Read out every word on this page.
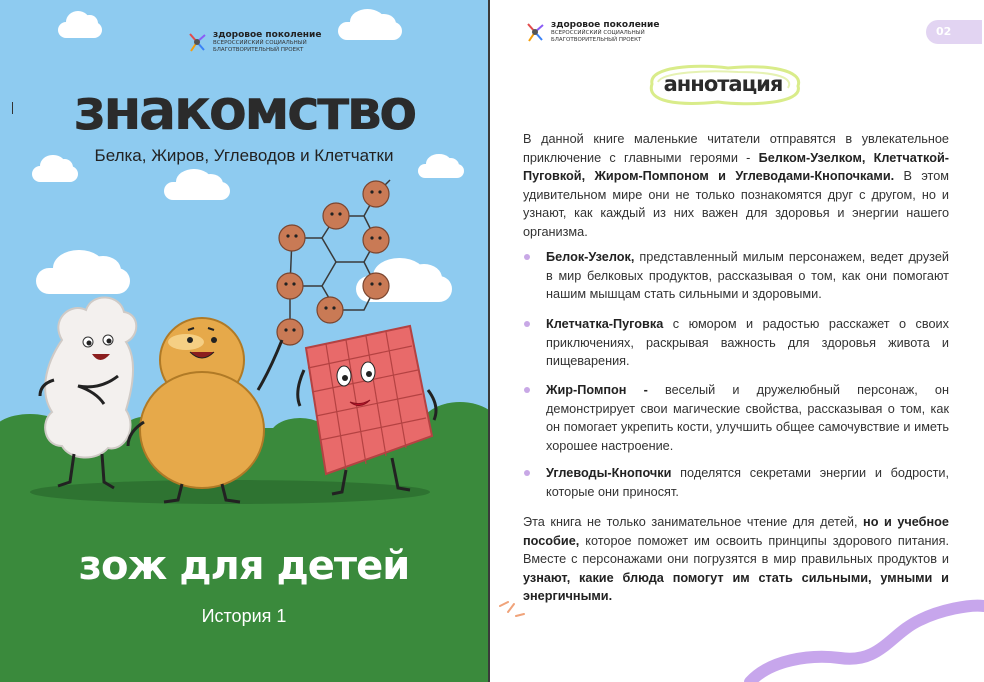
здоровое поколение
ВСЕРОССИЙСКИЙ СОЦИАЛЬНЫЙ
БЛАГОТВОРИТЕЛЬНЫЙ ПРОЕКТ
знакомство
Белка, Жиров, Углеводов и Клетчатки
зож для детей
История 1
здоровое поколение
ВСЕРОССИЙСКИЙ СОЦИАЛЬНЫЙ
БЛАГОТВОРИТЕЛЬНЫЙ ПРОЕКТ
02
аннотация
В данной книге маленькие читатели отправятся в увлекательное приключение с главными героями - Белком-Узелком, Клетчаткой-Пуговкой, Жиром-Помпоном и Углеводами-Кнопочками. В этом удивительном мире они не только познакомятся друг с другом, но и узнают, как каждый из них важен для здоровья и энергии нашего организма.
Белок-Узелок, представленный милым персонажем, ведет друзей в мир белковых продуктов, рассказывая о том, как они помогают нашим мышцам стать сильными и здоровыми.
Клетчатка-Пуговка с юмором и радостью расскажет о своих приключениях, раскрывая важность для здоровья живота и пищеварения.
Жир-Помпон - веселый и дружелюбный персонаж, он демонстрирует свои магические свойства, рассказывая о том, как он помогает укрепить кости, улучшить общее самочувствие и иметь хорошее настроение.
Углеводы-Кнопочки поделятся секретами энергии и бодрости, которые они приносят.
Эта книга не только занимательное чтение для детей, но и учебное пособие, которое поможет им освоить принципы здорового питания. Вместе с персонажами они погрузятся в мир правильных продуктов и узнают, какие блюда помогут им стать сильными, умными и энергичными.
